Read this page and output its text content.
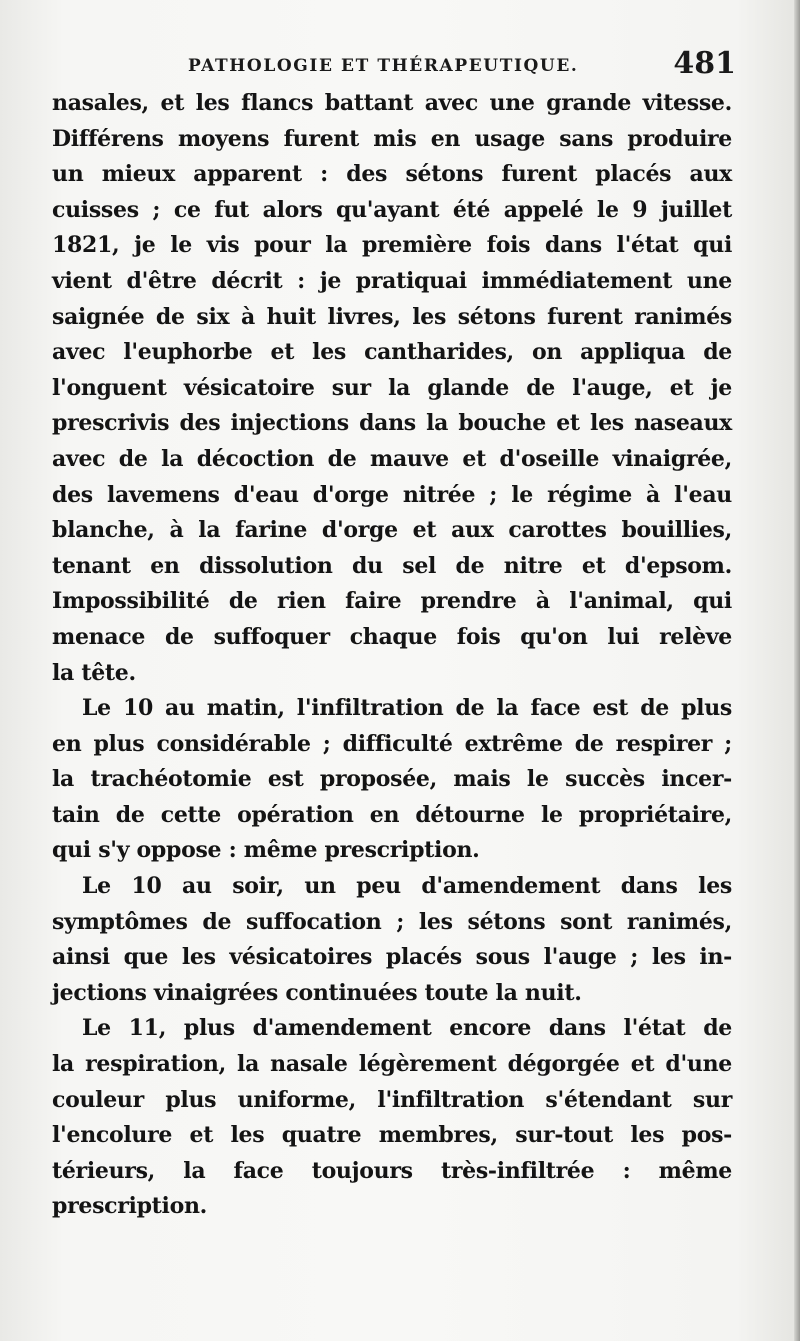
PATHOLOGIE ET THÉRAPEUTIQUE.	481
nasales, et les flancs battant avec une grande vitesse.
Différens moyens furent mis en usage sans produire
un mieux apparent : des sétons furent placés aux
cuisses ; ce fut alors qu'ayant été appelé le 9 juillet
1821, je le vis pour la première fois dans l'état qui
vient d'être décrit : je pratiquai immédiatement une
saignée de six à huit livres, les sétons furent ranimés
avec l'euphorbe et les cantharides, on appliqua de
l'onguent vésicatoire sur la glande de l'auge, et je
prescrivis des injections dans la bouche et les naseaux
avec de la décoction de mauve et d'oseille vinaigrée,
des lavemens d'eau d'orge nitrée ; le régime à l'eau
blanche, à la farine d'orge et aux carottes bouillies,
tenant en dissolution du sel de nitre et d'epsom.
Impossibilité de rien faire prendre à l'animal, qui
menace de suffoquer chaque fois qu'on lui relève
la tête.
Le 10 au matin, l'infiltration de la face est de plus
en plus considérable ; difficulté extrême de respirer ;
la trachéotomie est proposée, mais le succès incer-
tain de cette opération en détourne le propriétaire,
qui s'y oppose : même prescription.
Le 10 au soir, un peu d'amendement dans les
symptômes de suffocation ; les sétons sont ranimés,
ainsi que les vésicatoires placés sous l'auge ; les in-
jections vinaigrées continuées toute la nuit.
Le 11, plus d'amendement encore dans l'état de
la respiration, la nasale légèrement dégorgée et d'une
couleur plus uniforme, l'infiltration s'étendant sur
l'encolure et les quatre membres, sur-tout les pos-
térieurs, la face toujours très-infiltrée : même
prescription.
